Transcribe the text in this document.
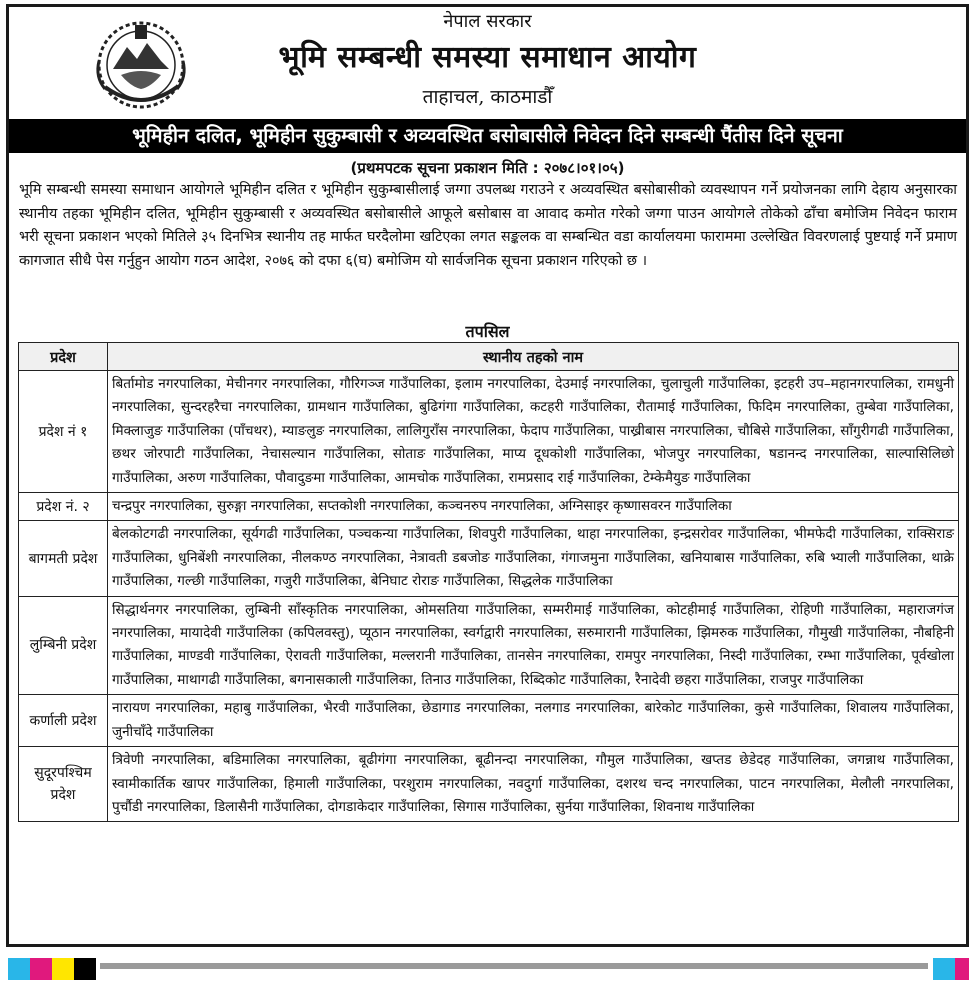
नेपाल सरकार
भूमि सम्बन्धी समस्या समाधान आयोग
ताहाचल, काठमाडौँ
भूमिहीन दलित, भूमिहीन सुकुम्बासी र अव्यवस्थित बसोबासीले निवेदन दिने सम्बन्धी पैंतीस दिने सूचना
(प्रथमपटक सूचना प्रकाशन मिति : २०७८।०१।०५)

भूमि सम्बन्धी समस्या समाधान आयोगले भूमिहीन दलित र भूमिहीन सुकुम्बासीलाई जग्गा उपलब्ध गराउने र अव्यवस्थित बसोबासीको व्यवस्थापन गर्ने प्रयोजनका लागि देहाय अनुसारका स्थानीय तहका भूमिहीन दलित, भूमिहीन सुकुम्बासी र अव्यवस्थित बसोबासीले आफूले बसोबास वा आवाद कमोत गरेको जग्गा पाउन आयोगले तोकेको ढाँचा बमोजिम निवेदन फाराम भरी सूचना प्रकाशन भएको मितिले ३५ दिनभित्र स्थानीय तह मार्फत घरदैलोमा खटिएका लगत सङ्कलक वा सम्बन्धित वडा कार्यालयमा फाराममा उल्लेखित विवरणलाई पुष्टयाई गर्ने प्रमाण कागजात सीधै पेस गर्नुहुन आयोग गठन आदेश, २०७६ को दफा ६(घ) बमोजिम यो सार्वजनिक सूचना प्रकाशन गरिएको छ ।

तपसिल
प्रदेश	स्थानीय तहको नाम
प्रदेश नं १	बिर्तामोड नगरपालिका, मेचीनगर नगरपालिका, गौरिगञ्ज गाउँपालिका, इलाम नगरपालिका, देउमाई नगरपालिका, चुलाचुली गाउँपालिका, इटहरी उप–महानगरपालिका, रामधुनी नगरपालिका, सुन्दरहरैचा नगरपालिका, ग्रामथान गाउँपालिका, बुढिगंगा गाउँपालिका, कटहरी गाउँपालिका, रौतामाई गाउँपालिका, फिदिम नगरपालिका, तुम्बेवा गाउँपालिका, मिक्लाजुङ गाउँपालिका (पाँचथर), म्याङलुङ नगरपालिका, लालिगुराँस नगरपालिका, फेदाप गाउँपालिका, पाख्रीबास नगरपालिका, चौबिसे गाउँपालिका, साँगुरीगढी गाउँपालिका, छथर जोरपाटी गाउँपालिका, नेचासल्यान गाउँपालिका, सोताङ गाउँपालिका, माप्य दूधकोशी गाउँपालिका, भोजपुर नगरपालिका, षडानन्द नगरपालिका, साल्पासिलिछो गाउँपालिका, अरुण गाउँपालिका, पौवादुङमा गाउँपालिका, आमचोक गाउँपालिका, रामप्रसाद राई गाउँपालिका, टेम्केमैयुङ गाउँपालिका
प्रदेश नं. २	चन्द्रपुर नगरपालिका, सुरुङ्गा नगरपालिका, सप्तकोशी नगरपालिका, कञ्चनरुप नगरपालिका, अग्निसाइर कृष्णासवरन गाउँपालिका
बागमती प्रदेश	बेलकोटगढी नगरपालिका, सूर्यगढी गाउँपालिका, पञ्चकन्या गाउँपालिका, शिवपुरी गाउँपालिका, थाहा नगरपालिका, इन्द्रसरोवर गाउँपालिका, भीमफेदी गाउँपालिका, राक्सिराङ गाउँपालिका, धुनिबेंशी नगरपालिका, नीलकण्ठ नगरपालिका, नेत्रावती डबजोङ गाउँपालिका, गंगाजमुना गाउँपालिका, खनियाबास गाउँपालिका, रुबि भ्याली गाउँपालिका, थाक्रे गाउँपालिका, गल्छी गाउँपालिका, गजुरी गाउँपालिका, बेनिघाट रोराङ गाउँपालिका, सिद्धलेक गाउँपालिका
लुम्बिनी प्रदेश	सिद्धार्थनगर नगरपालिका, लुम्बिनी साँस्कृतिक नगरपालिका, ओमसतिया गाउँपालिका, सम्मरीमाई गाउँपालिका, कोटहीमाई गाउँपालिका, रोहिणी गाउँपालिका, महाराजगंज नगरपालिका, मायादेवी गाउँपालिका (कपिलवस्तु), प्यूठान नगरपालिका, स्वर्गद्वारी नगरपालिका, सरुमारानी गाउँपालिका, झिमरुक गाउँपालिका, गौमुखी गाउँपालिका, नौबहिनी गाउँपालिका, माण्डवी गाउँपालिका, ऐरावती गाउँपालिका, मल्लरानी गाउँपालिका, तानसेन नगरपालिका, रामपुर नगरपालिका, निस्दी गाउँपालिका, रम्भा गाउँपालिका, पूर्वखोला गाउँपालिका, माथागढी गाउँपालिका, बगनासकाली गाउँपालिका, तिनाउ गाउँपालिका, रिब्दिकोट गाउँपालिका, रैनादेवी छहरा गाउँपालिका, राजपुर गाउँपालिका
कर्णाली प्रदेश	नारायण नगरपालिका, महाबु गाउँपालिका, भैरवी गाउँपालिका, छेडागाड नगरपालिका, नलगाड नगरपालिका, बारेकोट गाउँपालिका, कुसे गाउँपालिका, शिवालय गाउँपालिका, जुनीचाँदे गाउँपालिका
सुदूरपश्चिम प्रदेश	त्रिवेणी नगरपालिका, बडिमालिका नगरपालिका, बूढीगंगा नगरपालिका, बूढीनन्दा नगरपालिका, गौमुल गाउँपालिका, खप्तड छेडेदह गाउँपालिका, जगन्नाथ गाउँपालिका, स्वामीकार्तिक खापर गाउँपालिका, हिमाली गाउँपालिका, परशुराम नगरपालिका, नवदुर्गा गाउँपालिका, दशरथ चन्द नगरपालिका, पाटन नगरपालिका, मेलौली नगरपालिका, पुर्चौडी नगरपालिका, डिलासैनी गाउँपालिका, दोगडाकेदार गाउँपालिका, सिगास गाउँपालिका, सुर्नया गाउँपालिका, शिवनाथ गाउँपालिका
